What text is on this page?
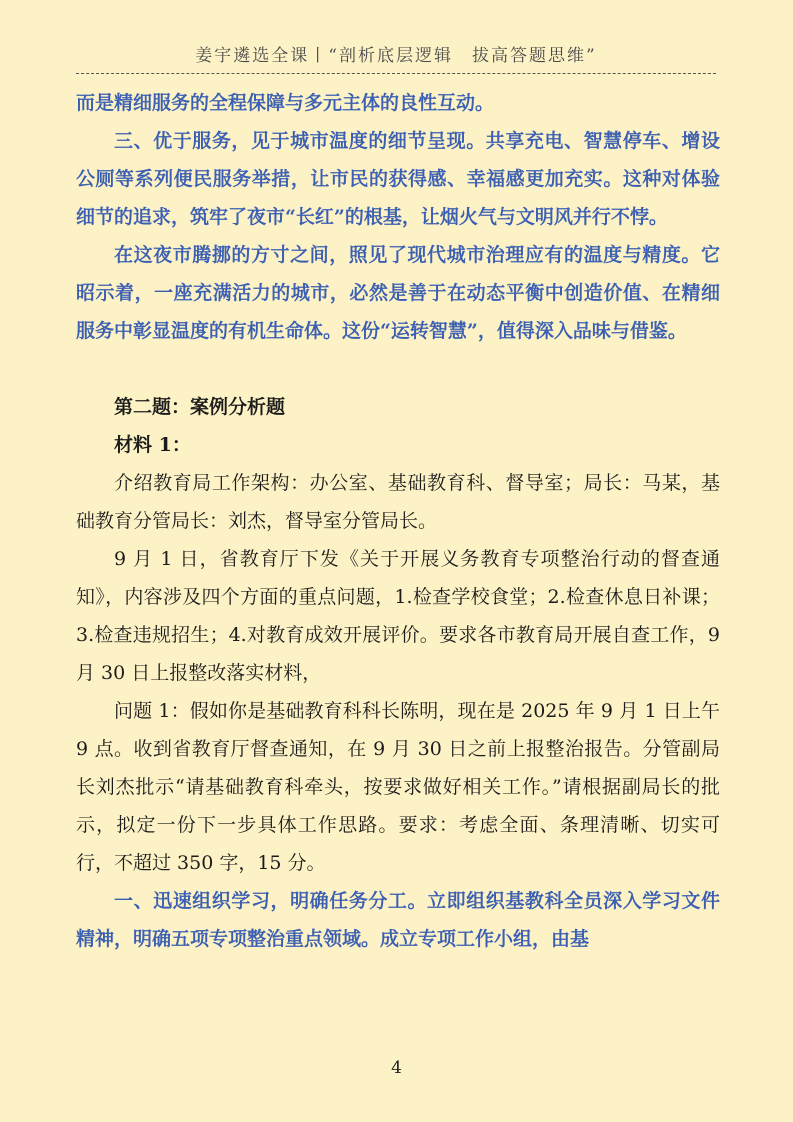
姜宇遴选全课丨“剖析底层逻辑　拔高答题思维”

而是精细服务的全程保障与多元主体的良性互动。

三、优于服务，见于城市温度的细节呈现。共享充电、智慧停车、增设公厕等系列便民服务举措，让市民的获得感、幸福感更加充实。这种对体验细节的追求，筑牢了夜市“长红”的根基，让烟火气与文明风并行不悖。

在这夜市腾挪的方寸之间，照见了现代城市治理应有的温度与精度。它昭示着，一座充满活力的城市，必然是善于在动态平衡中创造价值、在精细服务中彰显温度的有机生命体。这份“运转智慧”，值得深入品味与借鉴。

第二题：案例分析题

材料 1：

介绍教育局工作架构：办公室、基础教育科、督导室；局长：马某，基础教育分管局长：刘杰，督导室分管局长。

9 月 1 日，省教育厅下发《关于开展义务教育专项整治行动的督查通知》，内容涉及四个方面的重点问题，1.检查学校食堂；2.检查休息日补课；3.检查违规招生；4.对教育成效开展评价。要求各市教育局开展自查工作，9 月 30 日上报整改落实材料，

问题 1：假如你是基础教育科科长陈明，现在是 2025 年 9 月 1 日上午 9 点。收到省教育厅督查通知，在 9 月 30 日之前上报整治报告。分管副局长刘杰批示“请基础教育科牵头，按要求做好相关工作。”请根据副局长的批示，拟定一份下一步具体工作思路。要求：考虑全面、条理清晰、切实可行，不超过 350 字，15 分。

一、迅速组织学习，明确任务分工。立即组织基教科全员深入学习文件精神，明确五项专项整治重点领域。成立专项工作小组，由基

4
